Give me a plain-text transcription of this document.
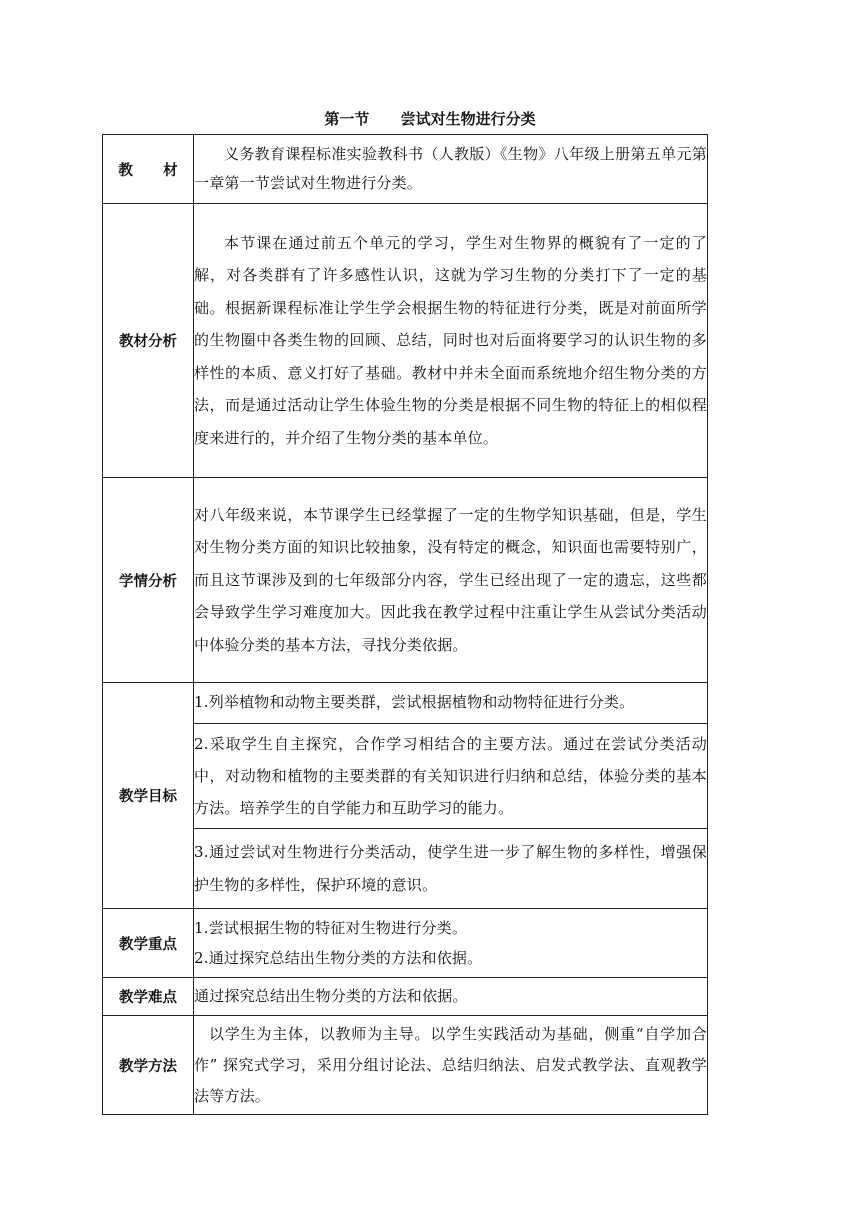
第一节      尝试对生物进行分类
教      材	义务教育课程标准实验教科书（人教版）《生物》八年级上册第五单元第一章第一节尝试对生物进行分类。
教材分析	本节课在通过前五个单元的学习，学生对生物界的概貌有了一定的了解，对各类群有了许多感性认识，这就为学习生物的分类打下了一定的基础。根据新课程标准让学生学会根据生物的特征进行分类，既是对前面所学的生物圈中各类生物的回顾、总结，同时也对后面将要学习的认识生物的多样性的本质、意义打好了基础。教材中并未全面而系统地介绍生物分类的方法，而是通过活动让学生体验生物的分类是根据不同生物的特征上的相似程度来进行的，并介绍了生物分类的基本单位。
学情分析	对八年级来说，本节课学生已经掌握了一定的生物学知识基础，但是，学生对生物分类方面的知识比较抽象，没有特定的概念，知识面也需要特别广，而且这节课涉及到的七年级部分内容，学生已经出现了一定的遗忘，这些都会导致学生学习难度加大。因此我在教学过程中注重让学生从尝试分类活动中体验分类的基本方法，寻找分类依据。
教学目标	1.列举植物和动物主要类群，尝试根据植物和动物特征进行分类。
	2.采取学生自主探究，合作学习相结合的主要方法。通过在尝试分类活动中，对动物和植物的主要类群的有关知识进行归纳和总结，体验分类的基本方法。培养学生的自学能力和互助学习的能力。
	3.通过尝试对生物进行分类活动，使学生进一步了解生物的多样性，增强保护生物的多样性，保护环境的意识。
教学重点	1.尝试根据生物的特征对生物进行分类。
2.通过探究总结出生物分类的方法和依据。

教学难点	通过探究总结出生物分类的方法和依据。
教学方法	以学生为主体，以教师为主导。以学生实践活动为基础，侧重“自学加合作” 探究式学习，采用分组讨论法、总结归纳法、启发式教学法、直观教学法等方法。
